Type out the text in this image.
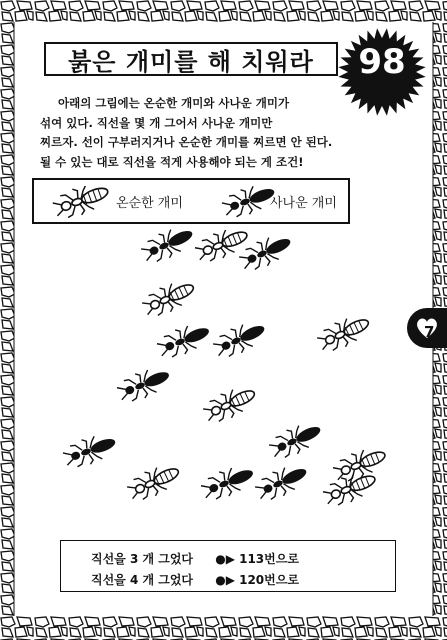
붉은 개미를 해 치워라	98

아래의 그림에는 온순한 개미와 사나운 개미가

섞여 있다. 직선을 몇 개 그어서 사나운 개미만

찌르자. 선이 구부러지거나 온순한 개미를 찌르면 안 된다.

될 수 있는 대로 직선을 적게 사용해야 되는 게 조건!

온순한 개미	사나운 개미
7
직선을 3 개 그었다 ●▶ 113번으로
직선을 4 개 그었다 ●▶ 120번으로
